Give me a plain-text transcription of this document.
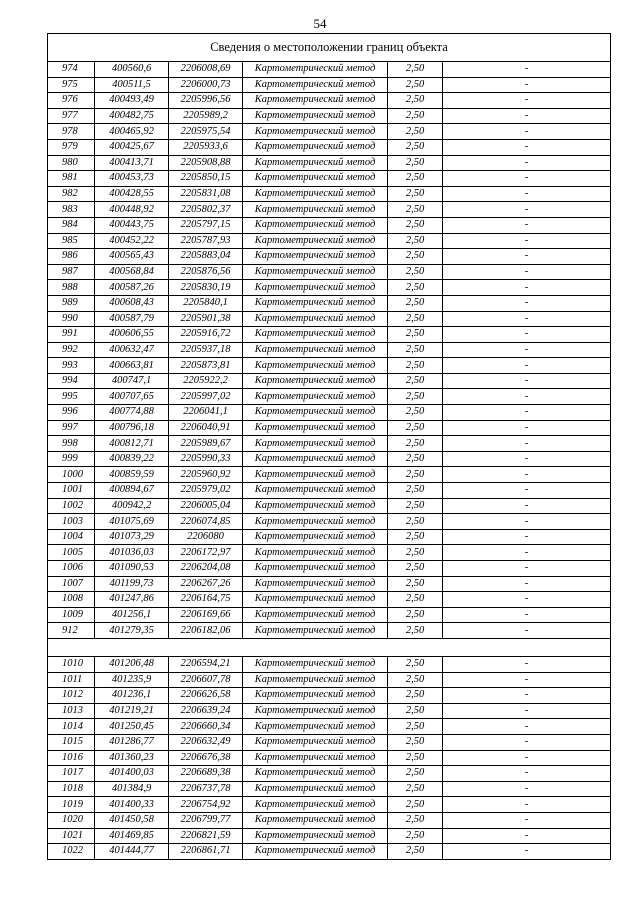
54
Сведения о местоположении границ объекта					
974	400560,6	2206008,69	Картометрический метод	2,50	-
975	400511,5	2206000,73	Картометрический метод	2,50	-
976	400493,49	2205996,56	Картометрический метод	2,50	-
977	400482,75	2205989,2	Картометрический метод	2,50	-
978	400465,92	2205975,54	Картометрический метод	2,50	-
979	400425,67	2205933,6	Картометрический метод	2,50	-
980	400413,71	2205908,88	Картометрический метод	2,50	-
981	400453,73	2205850,15	Картометрический метод	2,50	-
982	400428,55	2205831,08	Картометрический метод	2,50	-
983	400448,92	2205802,37	Картометрический метод	2,50	-
984	400443,75	2205797,15	Картометрический метод	2,50	-
985	400452,22	2205787,93	Картометрический метод	2,50	-
986	400565,43	2205883,04	Картометрический метод	2,50	-
987	400568,84	2205876,56	Картометрический метод	2,50	-
988	400587,26	2205830,19	Картометрический метод	2,50	-
989	400608,43	2205840,1	Картометрический метод	2,50	-
990	400587,79	2205901,38	Картометрический метод	2,50	-
991	400606,55	2205916,72	Картометрический метод	2,50	-
992	400632,47	2205937,18	Картометрический метод	2,50	-
993	400663,81	2205873,81	Картометрический метод	2,50	-
994	400747,1	2205922,2	Картометрический метод	2,50	-
995	400707,65	2205997,02	Картометрический метод	2,50	-
996	400774,88	2206041,1	Картометрический метод	2,50	-
997	400796,18	2206040,91	Картометрический метод	2,50	-
998	400812,71	2205989,67	Картометрический метод	2,50	-
999	400839,22	2205990,33	Картометрический метод	2,50	-
1000	400859,59	2205960,92	Картометрический метод	2,50	-
1001	400894,67	2205979,02	Картометрический метод	2,50	-
1002	400942,2	2206005,04	Картометрический метод	2,50	-
1003	401075,69	2206074,85	Картометрический метод	2,50	-
1004	401073,29	2206080	Картометрический метод	2,50	-
1005	401036,03	2206172,97	Картометрический метод	2,50	-
1006	401090,53	2206204,08	Картометрический метод	2,50	-
1007	401199,73	2206267,26	Картометрический метод	2,50	-
1008	401247,86	2206164,75	Картометрический метод	2,50	-
1009	401256,1	2206169,66	Картометрический метод	2,50	-
912	401279,35	2206182,06	Картометрический метод	2,50	-

1010	401206,48	2206594,21	Картометрический метод	2,50	-
1011	401235,9	2206607,78	Картометрический метод	2,50	-
1012	401236,1	2206626,58	Картометрический метод	2,50	-
1013	401219,21	2206639,24	Картометрический метод	2,50	-
1014	401250,45	2206660,34	Картометрический метод	2,50	-
1015	401286,77	2206632,49	Картометрический метод	2,50	-
1016	401360,23	2206676,38	Картометрический метод	2,50	-
1017	401400,03	2206689,38	Картометрический метод	2,50	-
1018	401384,9	2206737,78	Картометрический метод	2,50	-
1019	401400,33	2206754,92	Картометрический метод	2,50	-
1020	401450,58	2206799,77	Картометрический метод	2,50	-
1021	401469,85	2206821,59	Картометрический метод	2,50	-
1022	401444,77	2206861,71	Картометрический метод	2,50	-
